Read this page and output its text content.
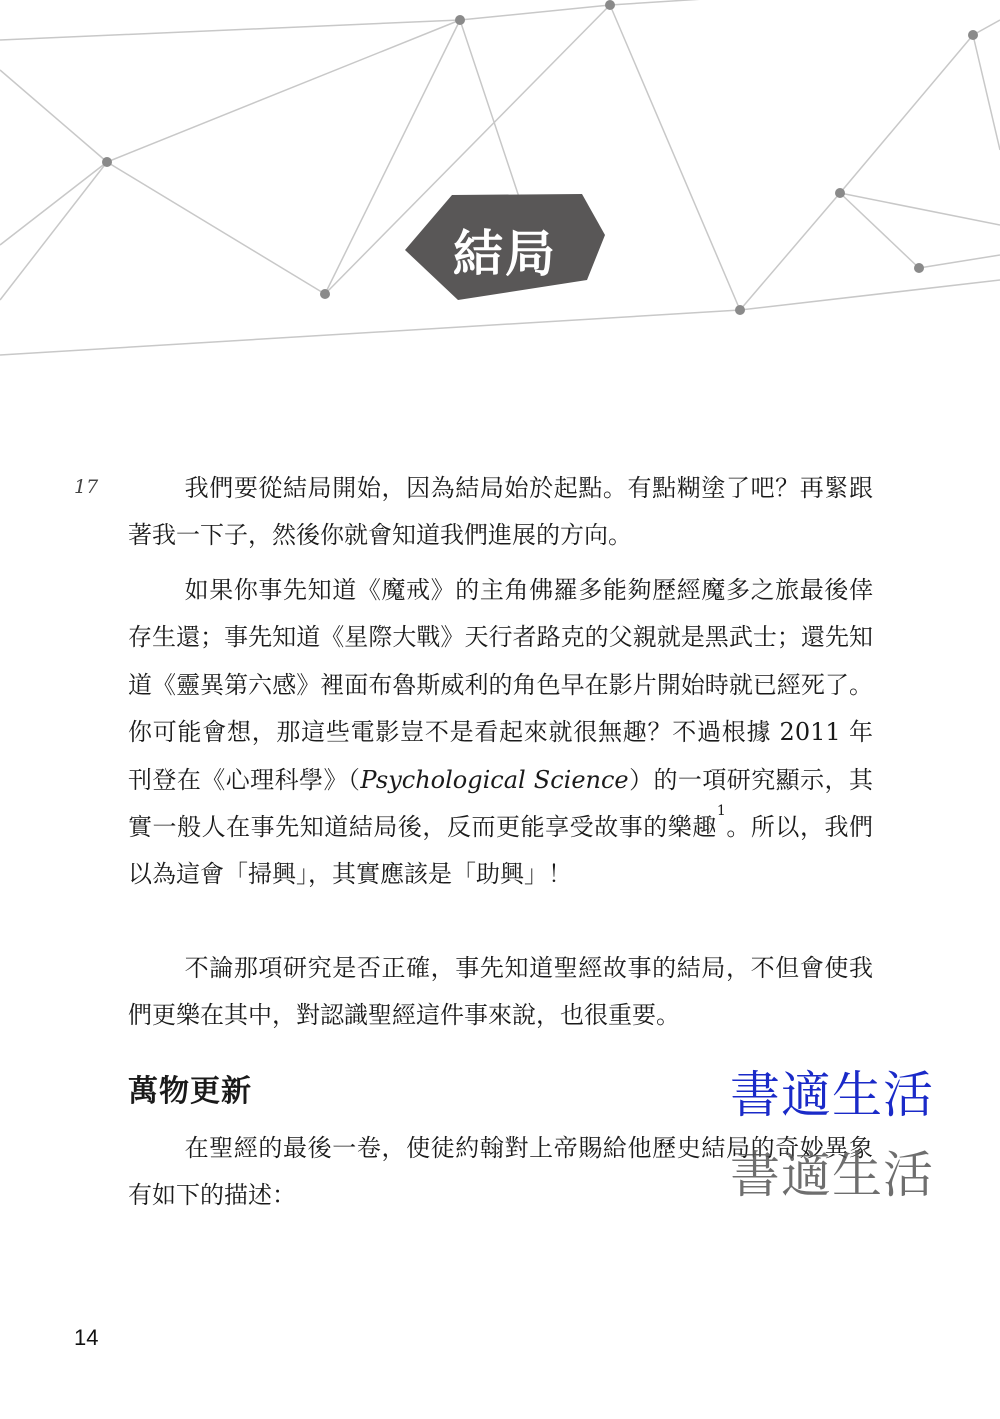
結局
17	我們要從結局開始，因為結局始於起點。有點糊塗了吧？再緊跟著我一下子，然後你就會知道我們進展的方向。

如果你事先知道《魔戒》的主角佛羅多能夠歷經魔多之旅最後倖存生還；事先知道《星際大戰》天行者路克的父親就是黑武士；還先知道《靈異第六感》裡面布魯斯威利的角色早在影片開始時就已經死了。你可能會想，那這些電影豈不是看起來就很無趣？不過根據 2011 年刊登在《心理科學》（Psychological Science）的一項研究顯示，其實一般人在事先知道結局後，反而更能享受故事的樂趣$^1$。所以，我們以為這會「掃興」，其實應該是「助興」！

不論那項研究是否正確，事先知道聖經故事的結局，不但會使我們更樂在其中，對認識聖經這件事來說，也很重要。

萬物更新

在聖經的最後一卷，使徒約翰對上帝賜給他歷史結局的奇妙異象有如下的描述：

書適生活
書適生活
14
